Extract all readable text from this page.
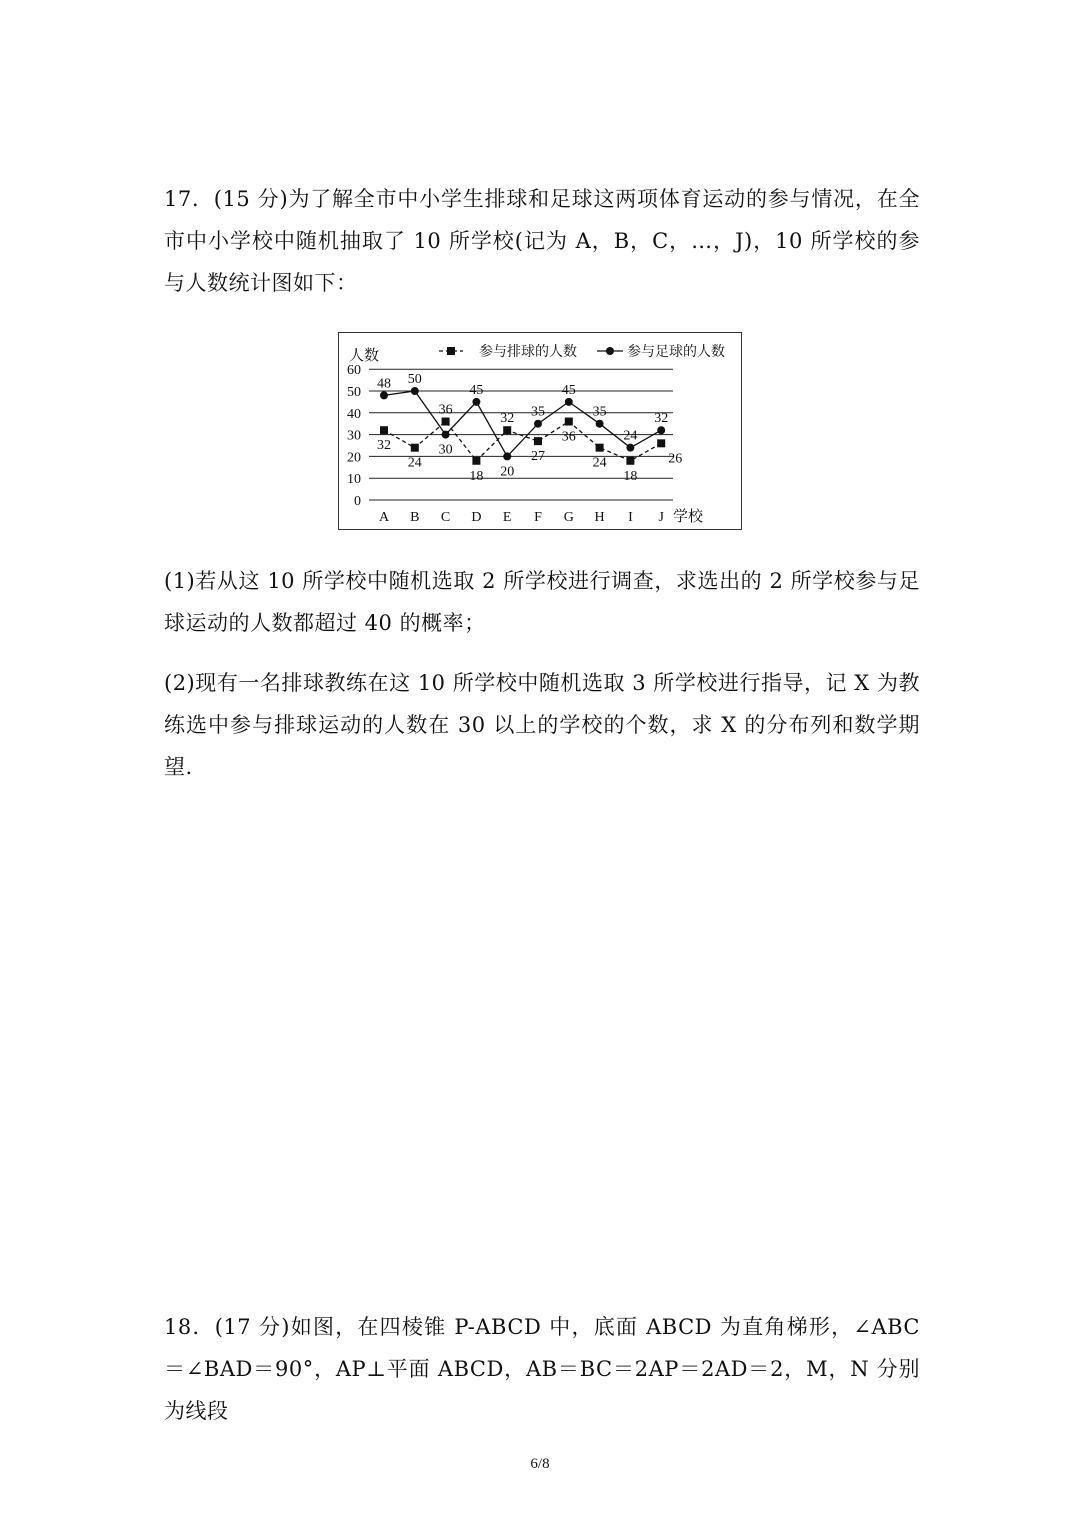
17．(15 分)为了解全市中小学生排球和足球这两项体育运动的参与情况，在全市中小学校中随机抽取了 10 所学校(记为 A，B，C，…，J)，10 所学校的参与人数统计图如下：

参与排球的人数	参与足球的人数
人数
学校
0
10
20
30
40
50
60
A B C D E F G H I J
32
48
24
50
36
30
18
45
32
20
27
35
36
45
24
35
18
24
26
32

(1)若从这 10 所学校中随机选取 2 所学校进行调查，求选出的 2 所学校参与足球运动的人数都超过 40 的概率；

(2)现有一名排球教练在这 10 所学校中随机选取 3 所学校进行指导，记 X 为教练选中参与排球运动的人数在 30 以上的学校的个数，求 X 的分布列和数学期望.

18．(17 分)如图，在四棱锥 P-ABCD 中，底面 ABCD 为直角梯形，∠ABC＝∠BAD＝90°，AP⊥平面 ABCD，AB＝BC＝2AP＝2AD＝2，M，N 分别为线段

6/8
